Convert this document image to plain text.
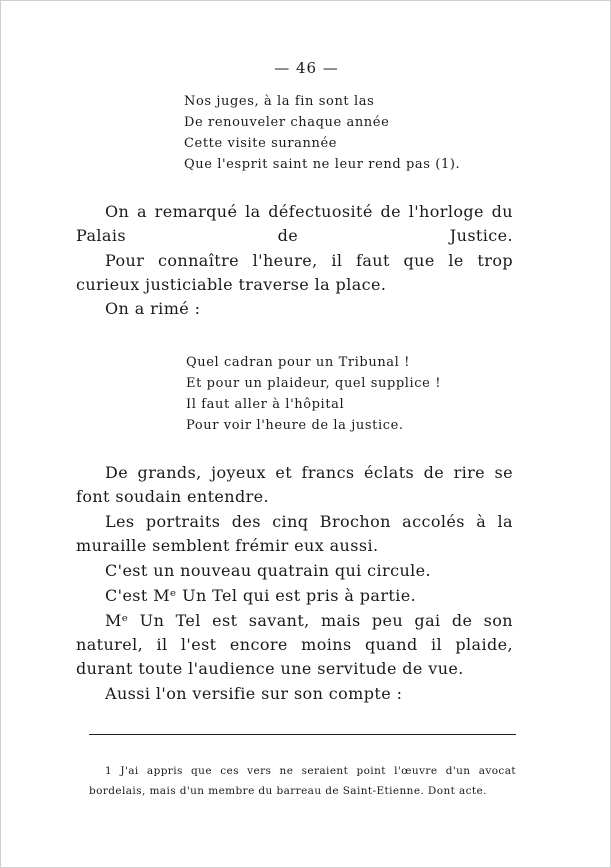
— 46 —
Nos juges, à la fin sont las
De renouveler chaque année
Cette visite surannée
Que l'esprit saint ne leur rend pas (1).

On a remarqué la défectuosité de l'horloge du Palais de Justice.

Pour connaître l'heure, il faut que le trop curieux justiciable traverse la place.

On a rimé :

Quel cadran pour un Tribunal !
Et pour un plaideur, quel supplice !
Il faut aller à l'hôpital
Pour voir l'heure de la justice.

De grands, joyeux et francs éclats de rire se font soudain entendre.

Les portraits des cinq Brochon accolés à la muraille semblent frémir eux aussi.

C'est un nouveau quatrain qui circule.

C'est Mᵉ Un Tel qui est pris à partie.

Mᵉ Un Tel est savant, mais peu gai de son naturel, il l'est encore moins quand il plaide, durant toute l'audience une servitude de vue.

Aussi l'on versifie sur son compte :

1 J'ai appris que ces vers ne seraient point l'œuvre d'un avocat bordelais, mais d'un membre du barreau de Saint-Etienne. Dont acte.
